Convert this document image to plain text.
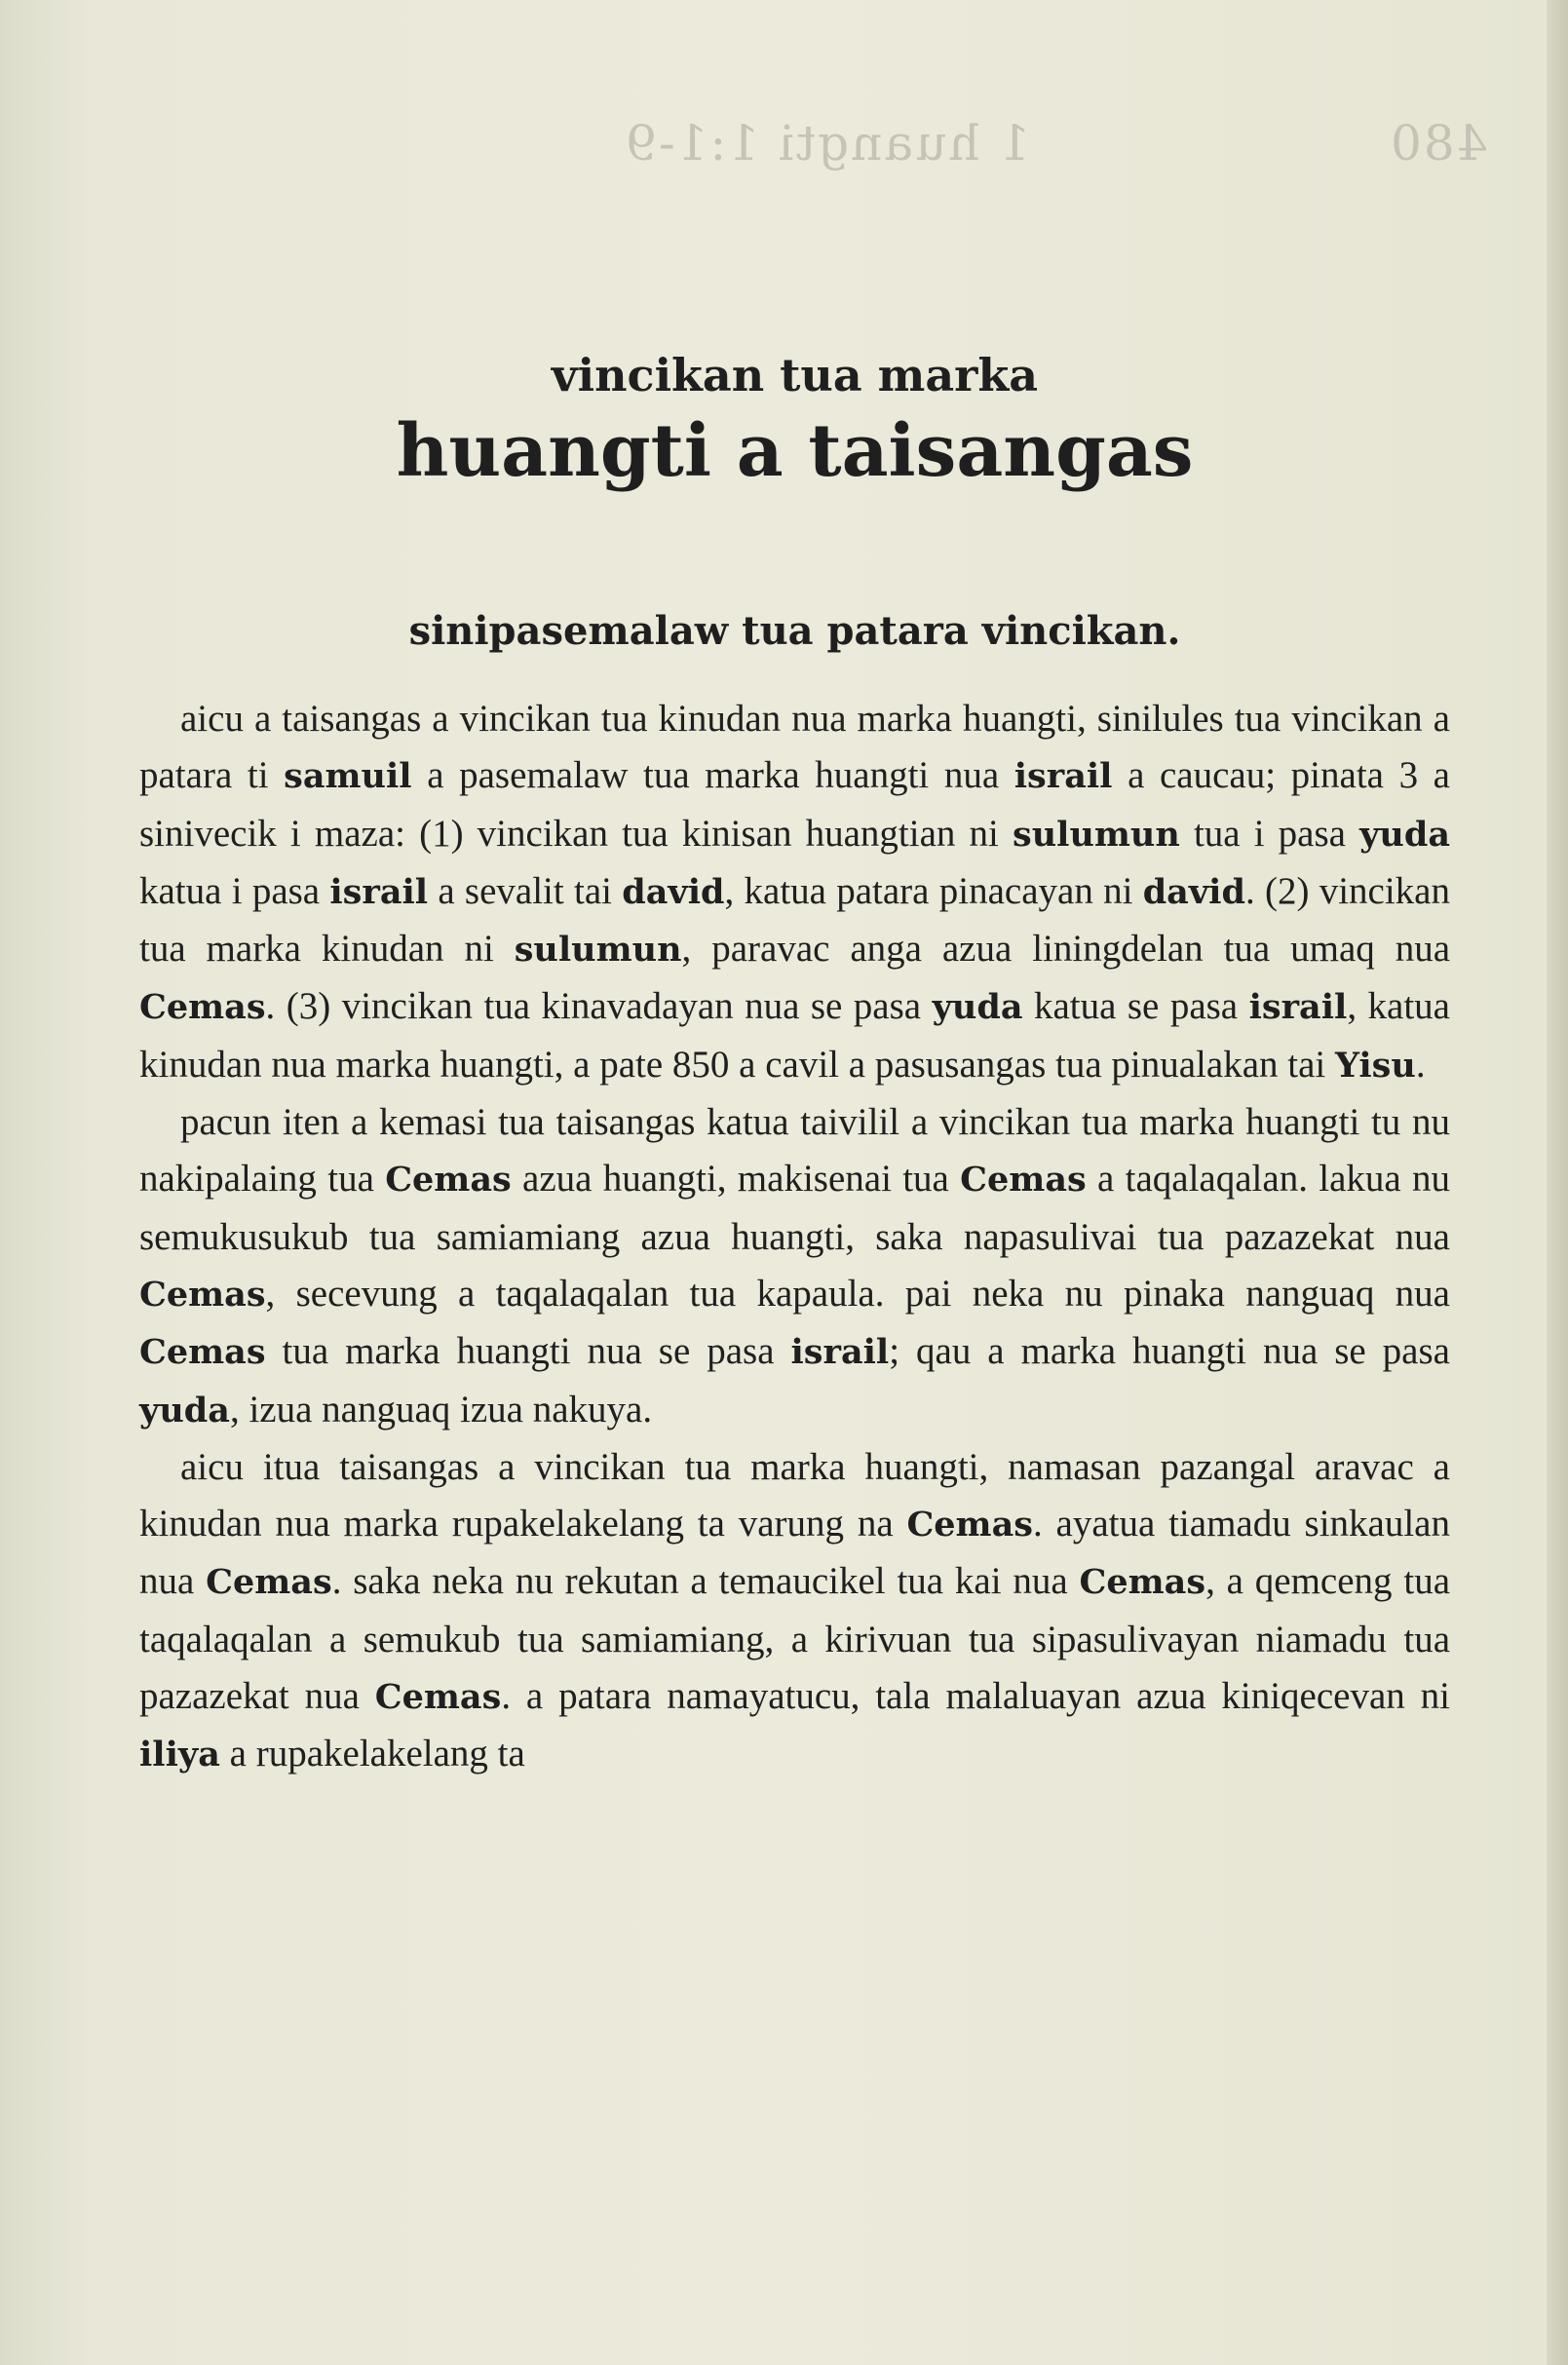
1 huangti 1:1-9	480
vincikan tua marka
huangti a taisangas
sinipasemalaw tua patara vincikan.

aicu a taisangas a vincikan tua kinudan nua marka huangti, sinilules tua vincikan a patara ti samuil a pasemalaw tua marka huangti nua israil a caucau; pinata 3 a sinivecik i maza: (1) vincikan tua kinisan huangtian ni sulumun tua i pasa yuda katua i pasa israil a sevalit tai david, katua patara pinacayan ni david. (2) vincikan tua marka kinudan ni sulumun, paravac anga azua liningdelan tua umaq nua Cemas. (3) vincikan tua kinavadayan nua se pasa yuda katua se pasa israil, katua kinudan nua marka huangti, a pate 850 a cavil a pasusangas tua pinualakan tai Yisu.

pacun iten a kemasi tua taisangas katua taivilil a vincikan tua marka huangti tu nu nakipalaing tua Cemas azua huangti, makisenai tua Cemas a taqalaqalan. lakua nu semukusukub tua samiamiang azua huangti, saka napasulivai tua pazazekat nua Cemas, secevung a taqalaqalan tua kapaula. pai neka nu pinaka nanguaq nua Cemas tua marka huangti nua se pasa israil; qau a marka huangti nua se pasa yuda, izua nanguaq izua nakuya.

aicu itua taisangas a vincikan tua marka huangti, namasan pazangal aravac a kinudan nua marka rupakelakelang ta varung na Cemas. ayatua tiamadu sinkaulan nua Cemas. saka neka nu rekutan a temaucikel tua kai nua Cemas, a qemceng tua taqalaqalan a semukub tua samiamiang, a kirivuan tua sipasulivayan niamadu tua pazazekat nua Cemas. a patara namayatucu, tala malaluayan azua kiniqecevan ni iliya a rupakelakelang ta
